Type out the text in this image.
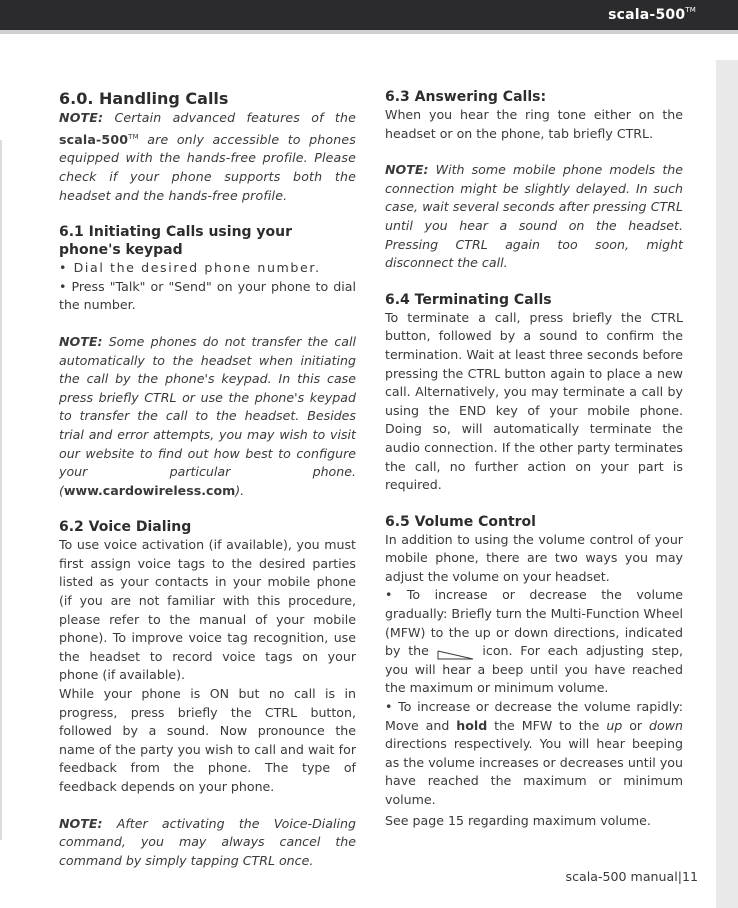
scala-500™
6.0. Handling Calls

NOTE: Certain advanced features of the scala-500™ are only accessible to phones equipped with the hands-free profile. Please check if your phone supports both the headset and the hands-free profile.

6.1 Initiating Calls using your phone's keypad

• Dial the desired phone number.

• Press "Talk" or "Send" on your phone to dial the number.

NOTE: Some phones do not transfer the call automatically to the headset when initiating the call by the phone's keypad. In this case press briefly CTRL or use the phone's keypad to transfer the call to the headset. Besides trial and error attempts, you may wish to visit our website to find out how best to configure your particular phone. (www.cardowireless.com).

6.2 Voice Dialing

To use voice activation (if available), you must first assign voice tags to the desired parties listed as your contacts in your mobile phone (if you are not familiar with this procedure, please refer to the manual of your mobile phone). To improve voice tag recognition, use the headset to record voice tags on your phone (if available).

While your phone is ON but no call is in progress, press briefly the CTRL button, followed by a sound. Now pronounce the name of the party you wish to call and wait for feedback from the phone. The type of feedback depends on your phone.

NOTE: After activating the Voice-Dialing command, you may always cancel the command by simply tapping CTRL once.

6.3 Answering Calls:

When you hear the ring tone either on the headset or on the phone, tab briefly CTRL.

NOTE: With some mobile phone models the connection might be slightly delayed. In such case, wait several seconds after pressing CTRL until you hear a sound on the headset. Pressing CTRL again too soon, might disconnect the call.

6.4 Terminating Calls

To terminate a call, press briefly the CTRL button, followed by a sound to confirm the termination. Wait at least three seconds before pressing the CTRL button again to place a new call. Alternatively, you may terminate a call by using the END key of your mobile phone. Doing so, will automatically terminate the audio connection. If the other party terminates the call, no further action on your part is required.

6.5 Volume Control

In addition to using the volume control of your mobile phone, there are two ways you may adjust the volume on your headset.

• To increase or decrease the volume gradually: Briefly turn the Multi-Function Wheel (MFW) to the up or down directions, indicated by the	icon. For each adjusting step, you will hear a beep until you have reached the maximum or minimum volume.

• To increase or decrease the volume rapidly: Move and hold the MFW to the up or down directions respectively. You will hear beeping as the volume increases or decreases until you have reached the maximum or minimum volume.

See page 15 regarding maximum volume.

scala-500 manual|11
